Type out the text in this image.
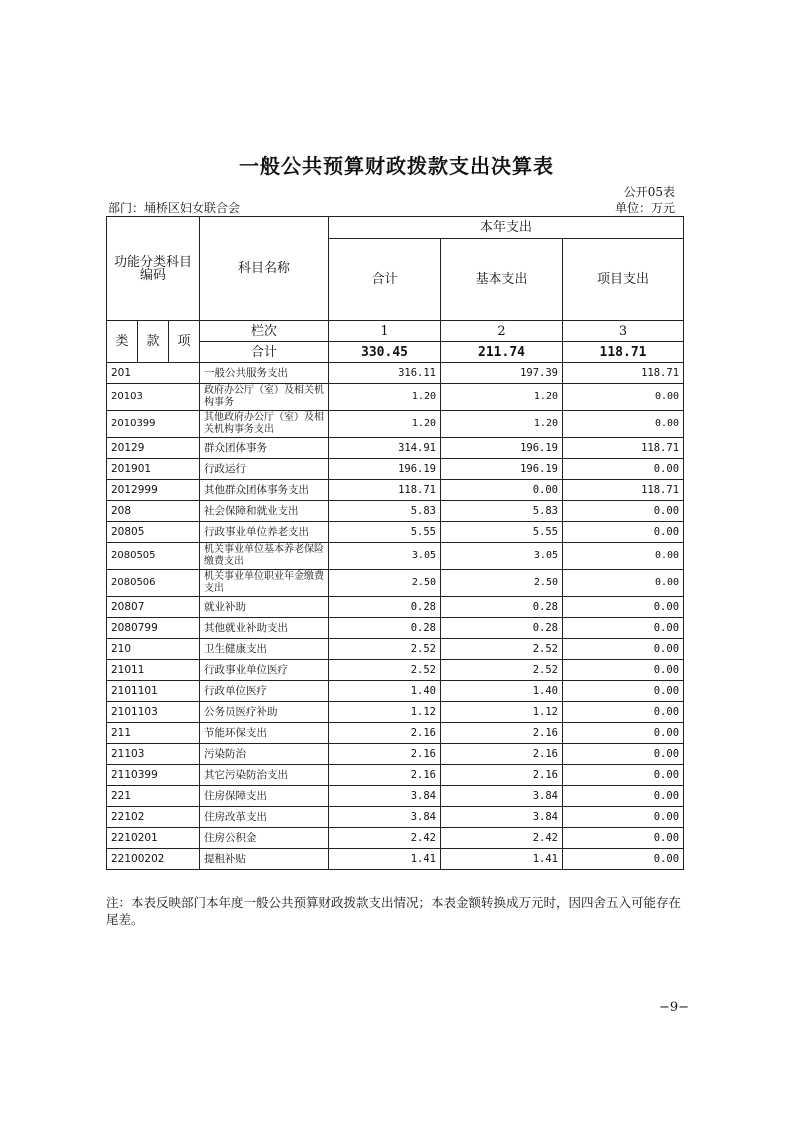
一般公共预算财政拨款支出决算表
公开05表
部门：埇桥区妇女联合会	单位：万元
功能分类科目编码			科目名称	本年支出		
				合计	基本支出	项目支出
类	款	项	栏次	1	2	3
			合计	330.45	211.74	118.71
201			一般公共服务支出	316.11	197.39	118.71
20103			政府办公厅（室）及相关机构事务	1.20	1.20	0.00
2010399			其他政府办公厅（室）及相关机构事务支出	1.20	1.20	0.00
20129			群众团体事务	314.91	196.19	118.71
201901			行政运行	196.19	196.19	0.00
2012999			其他群众团体事务支出	118.71	0.00	118.71
208			社会保障和就业支出	5.83	5.83	0.00
20805			行政事业单位养老支出	5.55	5.55	0.00
2080505			机关事业单位基本养老保险缴费支出	3.05	3.05	0.00
2080506			机关事业单位职业年金缴费支出	2.50	2.50	0.00
20807			就业补助	0.28	0.28	0.00
2080799			其他就业补助支出	0.28	0.28	0.00
210			卫生健康支出	2.52	2.52	0.00
21011			行政事业单位医疗	2.52	2.52	0.00
2101101			行政单位医疗	1.40	1.40	0.00
2101103			公务员医疗补助	1.12	1.12	0.00
211			节能环保支出	2.16	2.16	0.00
21103			污染防治	2.16	2.16	0.00
2110399			其它污染防治支出	2.16	2.16	0.00
221			住房保障支出	3.84	3.84	0.00
22102			住房改革支出	3.84	3.84	0.00
2210201			住房公积金	2.42	2.42	0.00
22100202			提租补贴	1.41	1.41	0.00
注：本表反映部门本年度一般公共预算财政拨款支出情况；本表金额转换成万元时，因四舍五入可能存在尾差。
−9−
